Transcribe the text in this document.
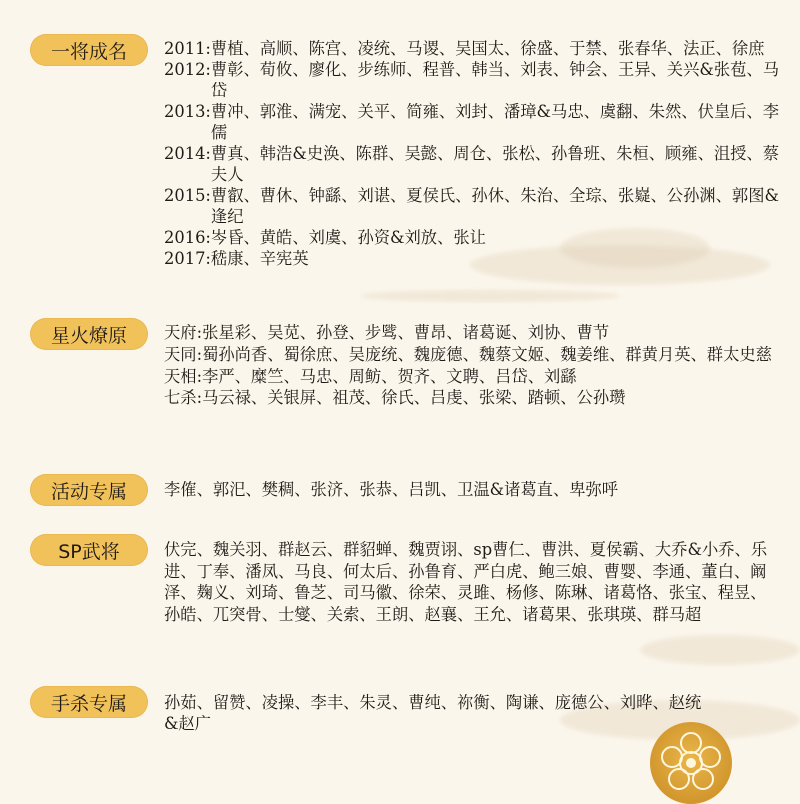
一将成名	2011: 曹植、高顺、陈宫、凌统、马谡、吴国太、徐盛、于禁、张春华、法正、徐庶
2012: 曹彰、荀攸、廖化、步练师、程普、韩当、刘表、钟会、王异、关兴&张苞、马岱
2013: 曹冲、郭淮、满宠、关平、简雍、刘封、潘璋&马忠、虞翻、朱然、伏皇后、李儒
2014: 曹真、韩浩&史涣、陈群、吴懿、周仓、张松、孙鲁班、朱桓、顾雍、沮授、蔡夫人
2015: 曹叡、曹休、钟繇、刘谌、夏侯氏、孙休、朱治、全琮、张嶷、公孙渊、郭图&逢纪
2016: 岑昏、黄皓、刘虞、孙资&刘放、张让
2017: 嵇康、辛宪英
星火燎原	天府: 张星彩、吴苋、孙登、步骘、曹昂、诸葛诞、刘协、曹节
天同: 蜀孙尚香、蜀徐庶、吴庞统、魏庞德、魏蔡文姬、魏姜维、群黄月英、群太史慈
天相: 李严、糜竺、马忠、周鲂、贺齐、文聘、吕岱、刘繇
七杀: 马云禄、关银屏、祖茂、徐氏、吕虔、张梁、踏顿、公孙瓒
活动专属	李傕、郭汜、樊稠、张济、张恭、吕凯、卫温&诸葛直、卑弥呼
SP武将	伏完、魏关羽、群赵云、群貂蝉、魏贾诩、sp曹仁、曹洪、夏侯霸、大乔&小乔、乐进、丁奉、潘凤、马良、何太后、孙鲁育、严白虎、鲍三娘、曹婴、李通、董白、阚泽、麹义、刘琦、鲁芝、司马徽、徐荣、灵雎、杨修、陈琳、诸葛恪、张宝、程昱、孙皓、兀突骨、士燮、关索、王朗、赵襄、王允、诸葛果、张琪瑛、群马超
手杀专属	孙茹、留赞、凌操、李丰、朱灵、曹纯、祢衡、陶谦、庞德公、刘晔、赵统&赵广
